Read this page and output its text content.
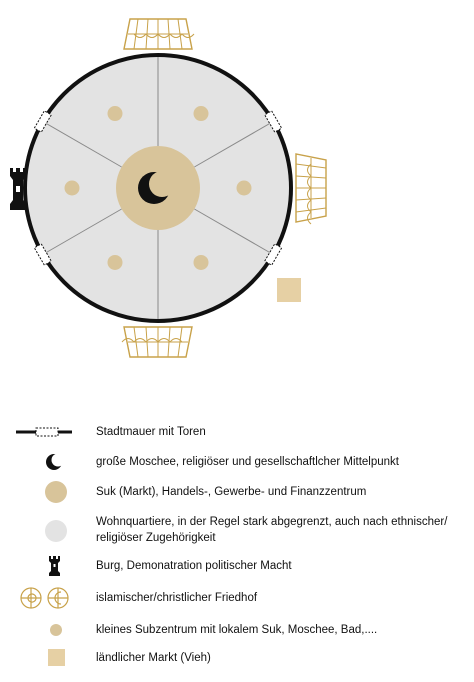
Stadtmauer mit Toren
große Moschee, religiöser und gesellschaftlcher Mittelpunkt
Suk (Markt), Handels-, Gewerbe- und Finanzzentrum
Wohnquartiere, in der Regel stark abgegrenzt, auch nach ethnischer/
religiöser Zugehörigkeit
Burg, Demonatration politischer Macht
islamischer/christlicher Friedhof
kleines Subzentrum mit lokalem Suk, Moschee, Bad,....
ländlicher Markt (Vieh)
